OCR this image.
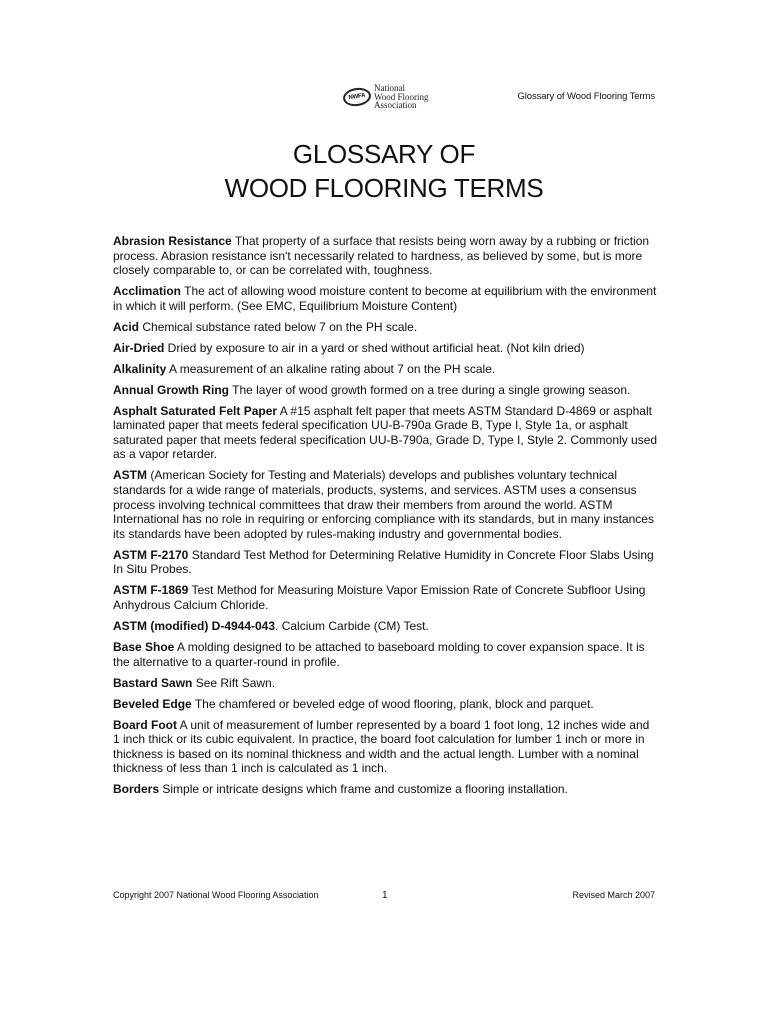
NWFA
National
Wood Flooring
Association
Glossary of Wood Flooring Terms
GLOSSARY OF
WOOD FLOORING TERMS

Abrasion Resistance That property of a surface that resists being worn away by a rubbing or friction process. Abrasion resistance isn't necessarily related to hardness, as believed by some, but is more closely comparable to, or can be correlated with, toughness.

Acclimation The act of allowing wood moisture content to become at equilibrium with the environment in which it will perform. (See EMC, Equilibrium Moisture Content)

Acid Chemical substance rated below 7 on the PH scale.

Air-Dried Dried by exposure to air in a yard or shed without artificial heat. (Not kiln dried)

Alkalinity A measurement of an alkaline rating about 7 on the PH scale.

Annual Growth Ring The layer of wood growth formed on a tree during a single growing season.

Asphalt Saturated Felt Paper A #15 asphalt felt paper that meets ASTM Standard D-4869 or asphalt laminated paper that meets federal specification UU-B-790a Grade B, Type I, Style 1a, or asphalt saturated paper that meets federal specification UU-B-790a, Grade D, Type I, Style 2. Commonly used as a vapor retarder.

ASTM (American Society for Testing and Materials) develops and publishes voluntary technical standards for a wide range of materials, products, systems, and services. ASTM uses a consensus process involving technical committees that draw their members from around the world. ASTM International has no role in requiring or enforcing compliance with its standards, but in many instances its standards have been adopted by rules-making industry and governmental bodies.

ASTM F-2170 Standard Test Method for Determining Relative Humidity in Concrete Floor Slabs Using In Situ Probes.

ASTM F-1869 Test Method for Measuring Moisture Vapor Emission Rate of Concrete Subfloor Using Anhydrous Calcium Chloride.

ASTM (modified) D-4944-043. Calcium Carbide (CM) Test.

Base Shoe A molding designed to be attached to baseboard molding to cover expansion space. It is the alternative to a quarter-round in profile.

Bastard Sawn See Rift Sawn.

Beveled Edge The chamfered or beveled edge of wood flooring, plank, block and parquet.

Board Foot A unit of measurement of lumber represented by a board 1 foot long, 12 inches wide and 1 inch thick or its cubic equivalent. In practice, the board foot calculation for lumber 1 inch or more in thickness is based on its nominal thickness and width and the actual length. Lumber with a nominal thickness of less than 1 inch is calculated as 1 inch.

Borders Simple or intricate designs which frame and customize a flooring installation.

Copyright 2007 National Wood Flooring Association	1	Revised March 2007
